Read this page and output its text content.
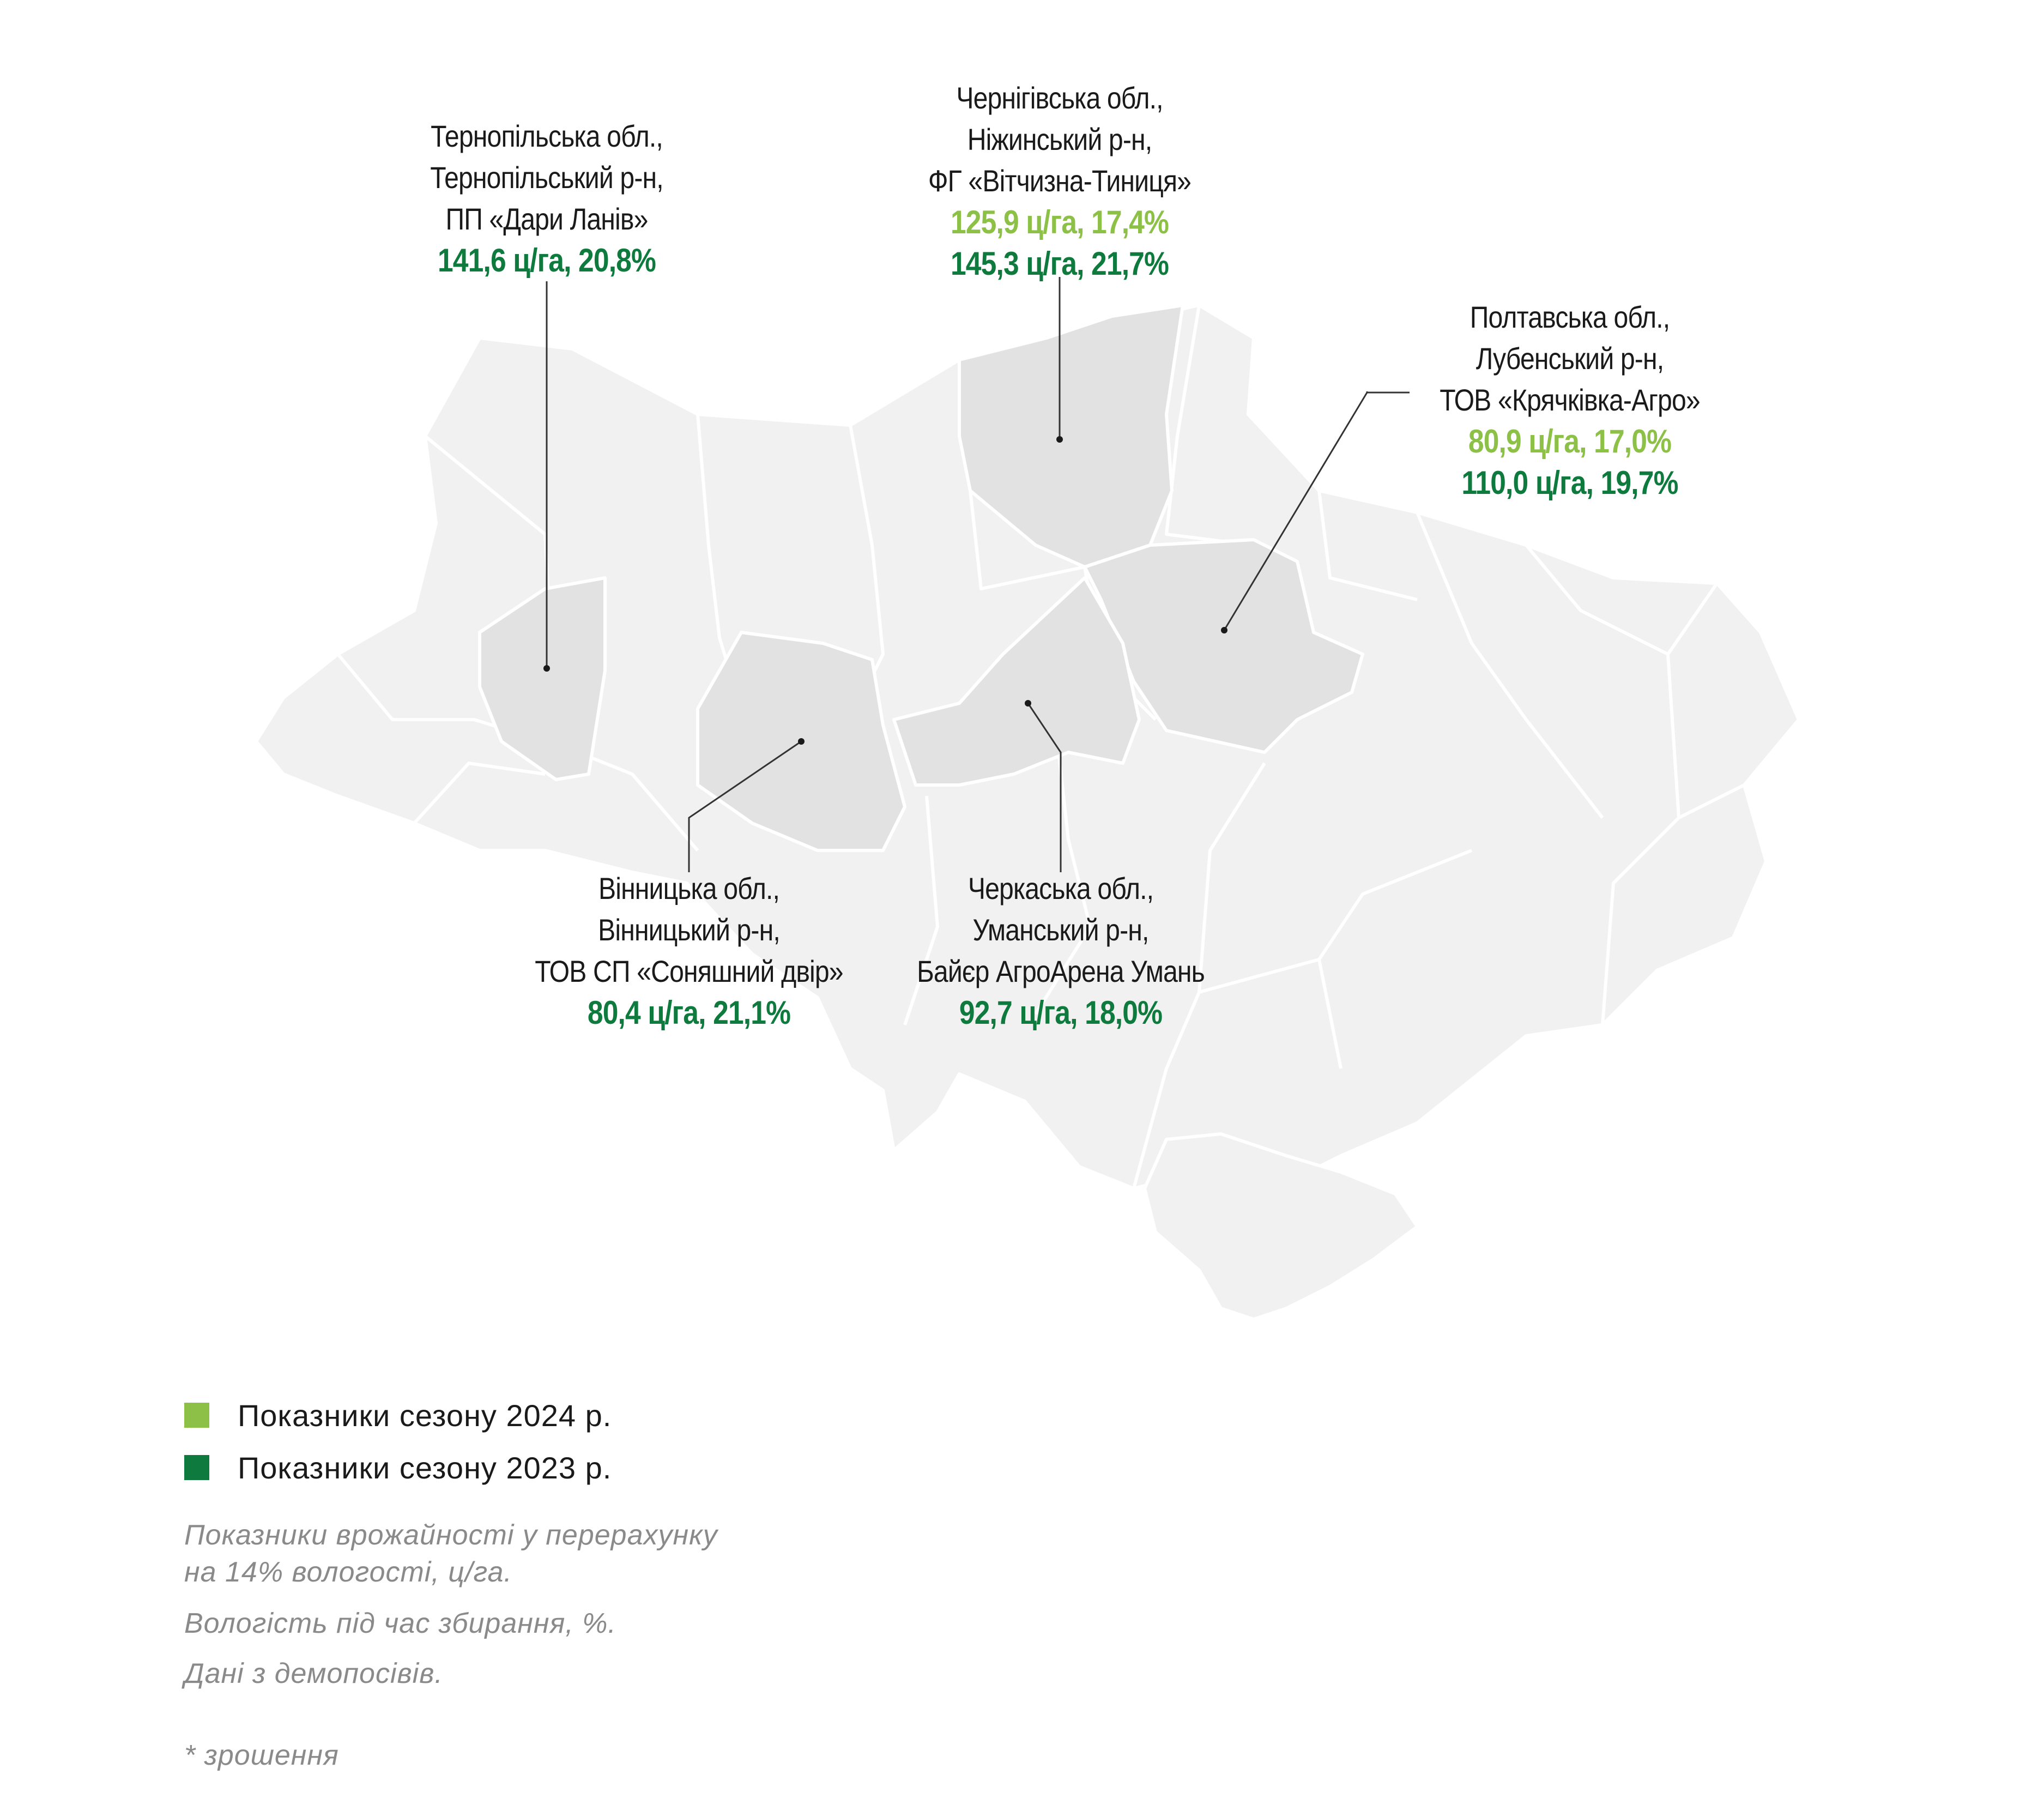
Тернопільська обл.,
Тернопільський р-н,
ПП «Дари Ланів»
141,6 ц/га, 20,8%
Чернігівська обл.,
Ніжинський р-н,
ФГ «Вітчизна-Тиниця»
125,9 ц/га, 17,4%
145,3 ц/га, 21,7%
Полтавська обл.,
Лубенський р-н,
ТОВ «Крячківка-Агро»
80,9 ц/га, 17,0%
110,0 ц/га, 19,7%
Вінницька обл.,
Вінницький р-н,
ТОВ СП «Соняшний двір»
80,4 ц/га, 21,1%
Черкаська обл.,
Уманський р-н,
Байєр АгроАрена Умань
92,7 ц/га, 18,0%
Показники сезону 2024 р.
Показники сезону 2023 р.
Показники врожайності у перерахунку
на 14% вологості, ц/га.
Вологість під час збирання, %.
Дані з демопосівів.
* зрошення
